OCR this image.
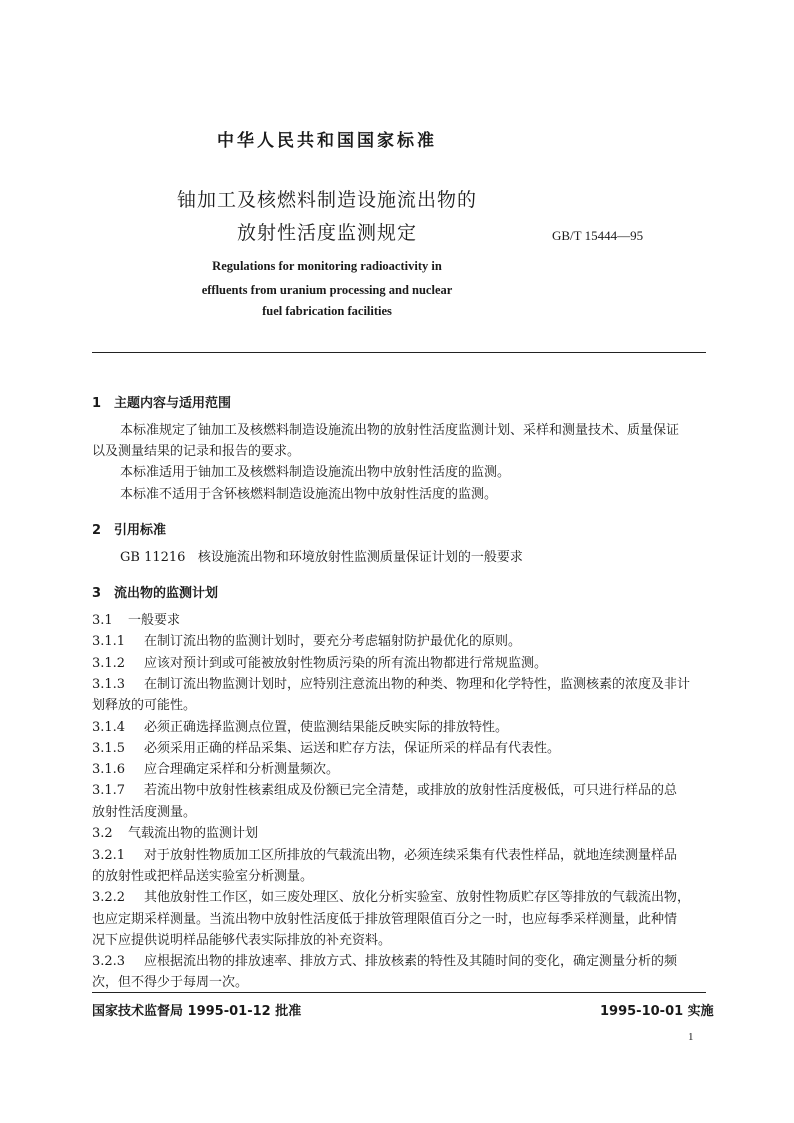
中华人民共和国国家标准
铀加工及核燃料制造设施流出物的
放射性活度监测规定	GB/T 15444—95
Regulations for monitoring radioactivity in
effluents from uranium processing and nuclear
fuel fabrication facilities
1 主题内容与适用范围
本标准规定了铀加工及核燃料制造设施流出物的放射性活度监测计划、采样和测量技术、质量保证
以及测量结果的记录和报告的要求。
本标准适用于铀加工及核燃料制造设施流出物中放射性活度的监测。
本标准不适用于含钚核燃料制造设施流出物中放射性活度的监测。
2 引用标准
GB 11216 核设施流出物和环境放射性监测质量保证计划的一般要求
3 流出物的监测计划
3.1 一般要求
3.1.1 在制订流出物的监测计划时，要充分考虑辐射防护最优化的原则。
3.1.2 应该对预计到或可能被放射性物质污染的所有流出物都进行常规监测。
3.1.3 在制订流出物监测计划时，应特别注意流出物的种类、物理和化学特性，监测核素的浓度及非计
划释放的可能性。
3.1.4 必须正确选择监测点位置，使监测结果能反映实际的排放特性。
3.1.5 必须采用正确的样品采集、运送和贮存方法，保证所采的样品有代表性。
3.1.6 应合理确定采样和分析测量频次。
3.1.7 若流出物中放射性核素组成及份额已完全清楚，或排放的放射性活度极低，可只进行样品的总
放射性活度测量。
3.2 气载流出物的监测计划
3.2.1 对于放射性物质加工区所排放的气载流出物，必须连续采集有代表性样品，就地连续测量样品
的放射性或把样品送实验室分析测量。
3.2.2 其他放射性工作区，如三废处理区、放化分析实验室、放射性物质贮存区等排放的气载流出物，
也应定期采样测量。当流出物中放射性活度低于排放管理限值百分之一时，也应每季采样测量，此种情
况下应提供说明样品能够代表实际排放的补充资料。
3.2.3 应根据流出物的排放速率、排放方式、排放核素的特性及其随时间的变化，确定测量分析的频
次，但不得少于每周一次。
国家技术监督局 1995-01-12 批准	1995-10-01 实施
1
